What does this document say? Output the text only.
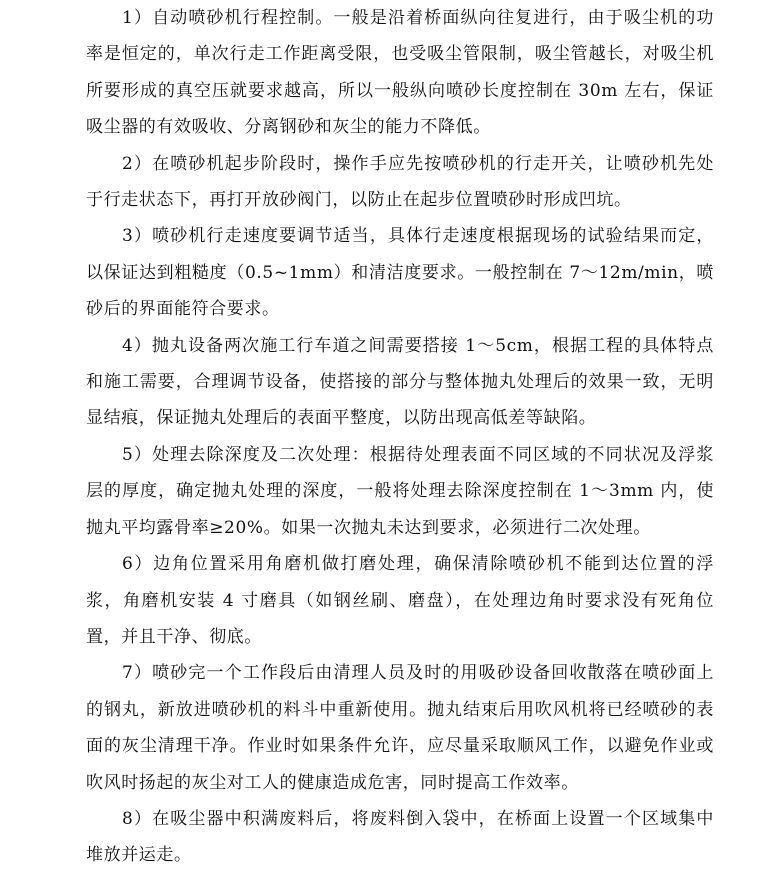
1）自动喷砂机行程控制。一般是沿着桥面纵向往复进行，由于吸尘机的功率是恒定的，单次行走工作距离受限，也受吸尘管限制，吸尘管越长，对吸尘机所要形成的真空压就要求越高，所以一般纵向喷砂长度控制在 30m 左右，保证吸尘器的有效吸收、分离钢砂和灰尘的能力不降低。

2）在喷砂机起步阶段时，操作手应先按喷砂机的行走开关，让喷砂机先处于行走状态下，再打开放砂阀门，以防止在起步位置喷砂时形成凹坑。

3）喷砂机行走速度要调节适当，具体行走速度根据现场的试验结果而定，以保证达到粗糙度（0.5~1mm）和清洁度要求。一般控制在 7～12m/min，喷砂后的界面能符合要求。

4）抛丸设备两次施工行车道之间需要搭接 1～5cm，根据工程的具体特点和施工需要，合理调节设备，使搭接的部分与整体抛丸处理后的效果一致，无明显结痕，保证抛丸处理后的表面平整度，以防出现高低差等缺陷。

5）处理去除深度及二次处理：根据待处理表面不同区域的不同状况及浮浆层的厚度，确定抛丸处理的深度，一般将处理去除深度控制在 1～3mm 内，使抛丸平均露骨率≥20%。如果一次抛丸未达到要求，必须进行二次处理。

6）边角位置采用角磨机做打磨处理，确保清除喷砂机不能到达位置的浮浆，角磨机安装 4 寸磨具（如钢丝刷、磨盘），在处理边角时要求没有死角位置，并且干净、彻底。

7）喷砂完一个工作段后由清理人员及时的用吸砂设备回收散落在喷砂面上的钢丸，新放进喷砂机的料斗中重新使用。抛丸结束后用吹风机将已经喷砂的表面的灰尘清理干净。作业时如果条件允许，应尽量采取顺风工作，以避免作业或吹风时扬起的灰尘对工人的健康造成危害，同时提高工作效率。

8）在吸尘器中积满废料后，将废料倒入袋中，在桥面上设置一个区域集中堆放并运走。
